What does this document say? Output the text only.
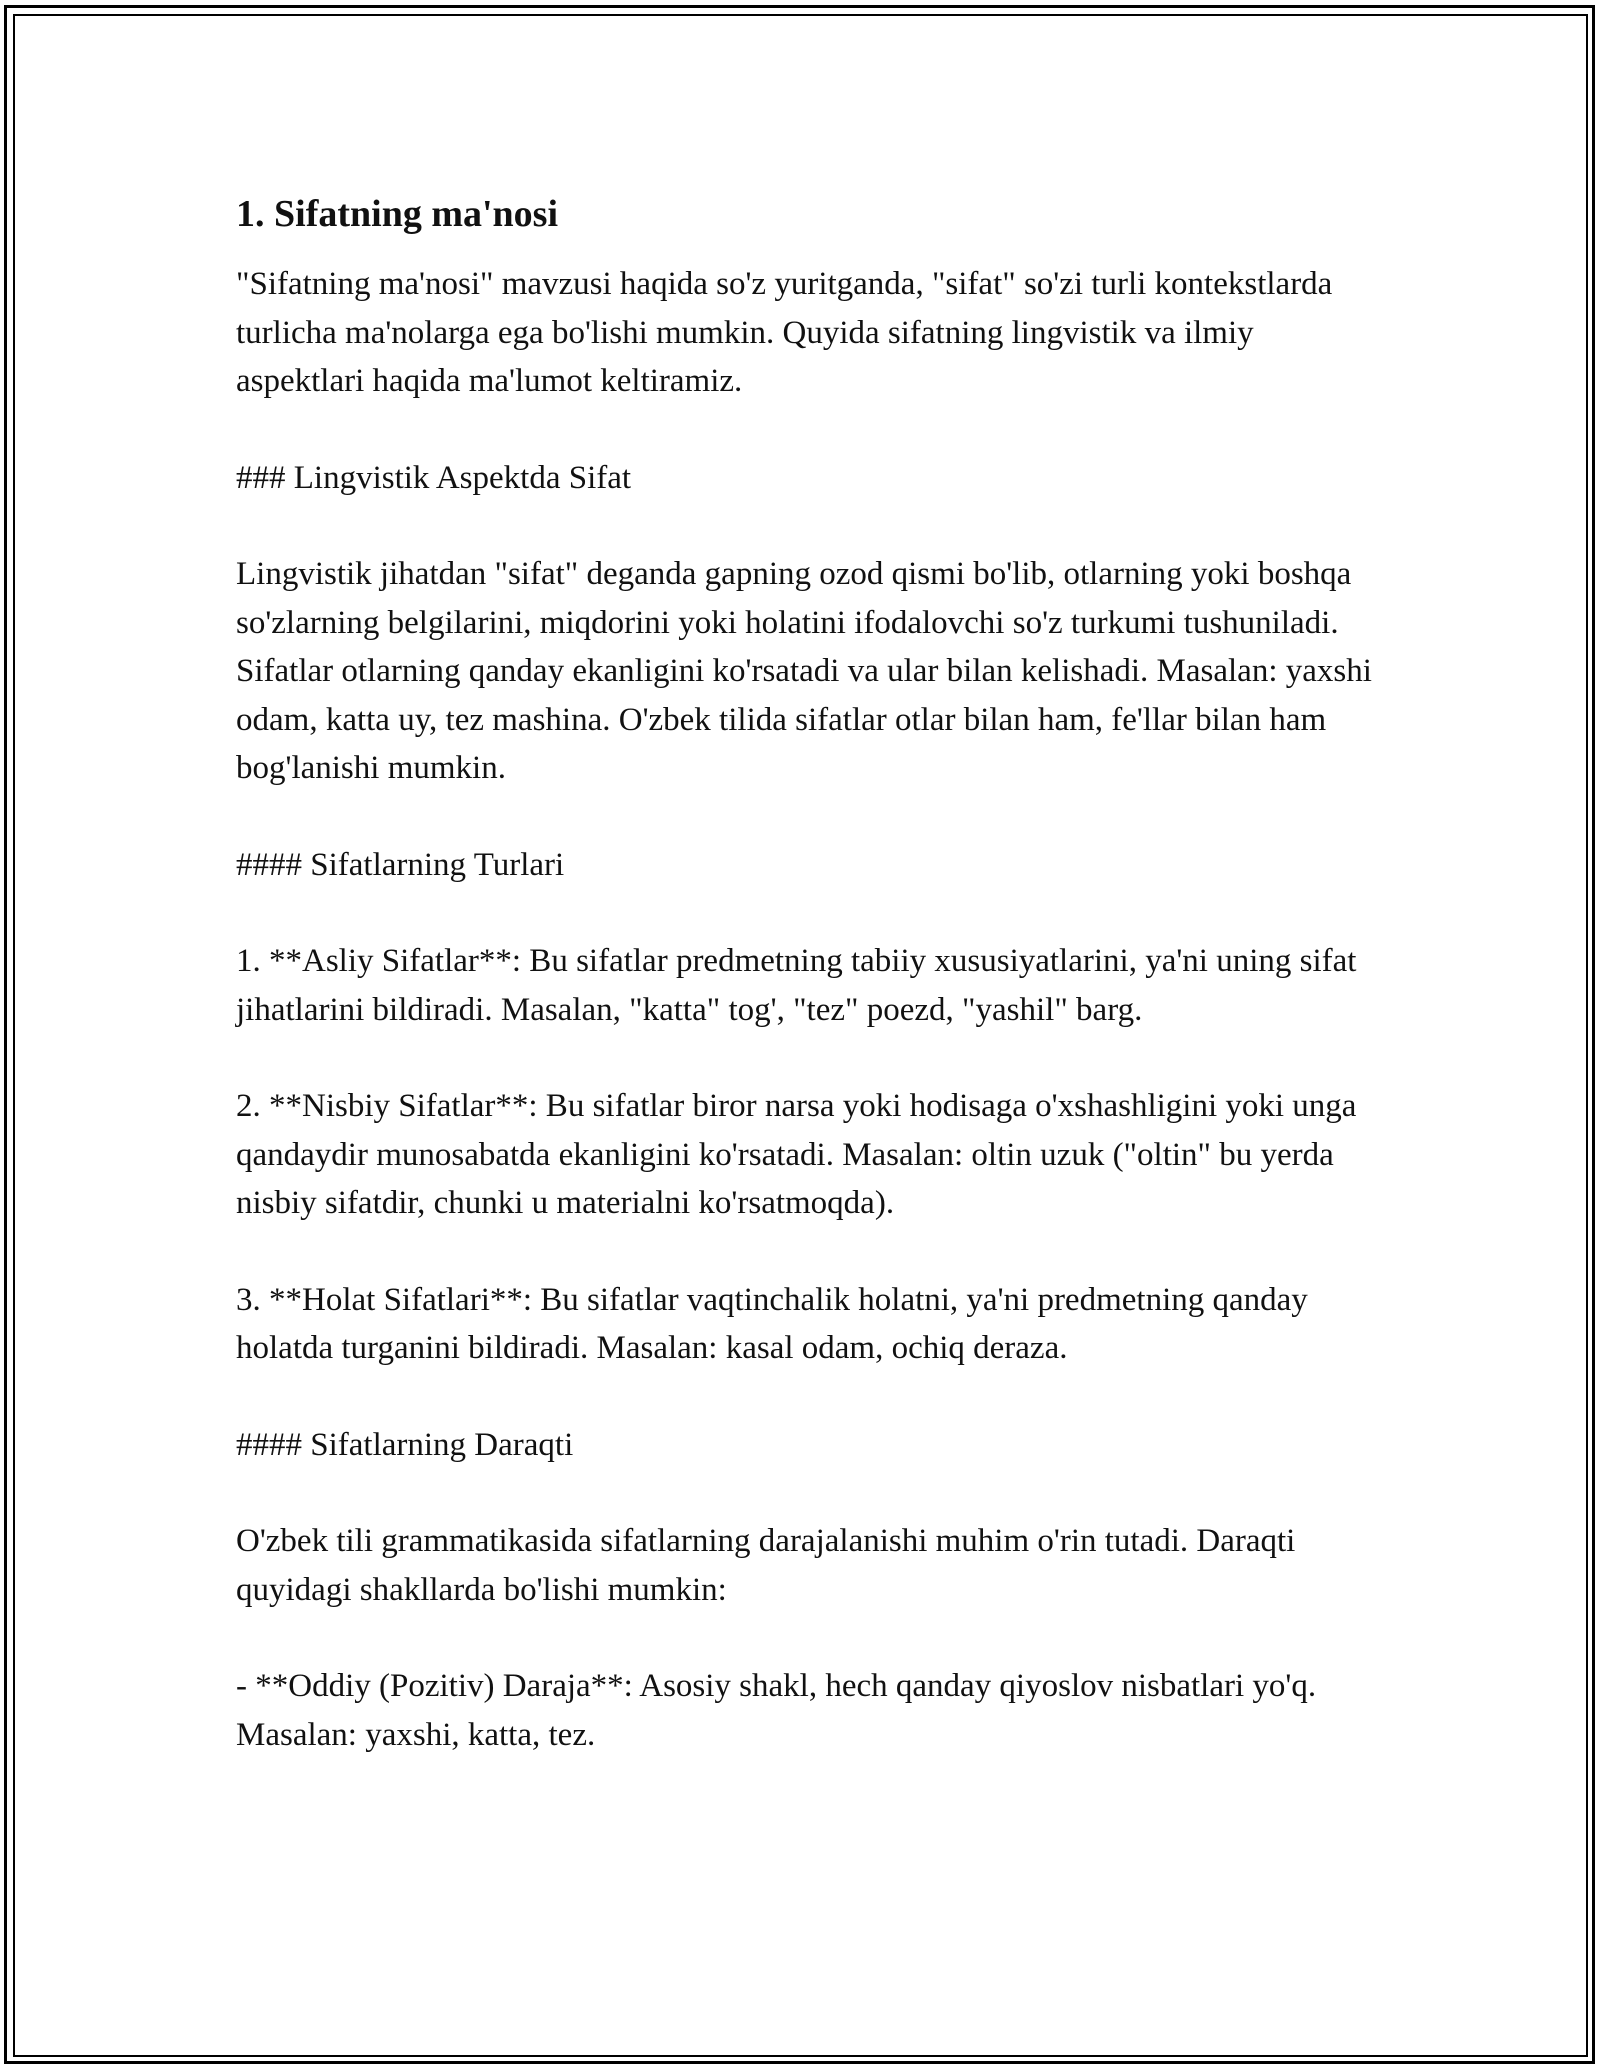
1. Sifatning ma'nosi

"Sifatning ma'nosi" mavzusi haqida so'z yuritganda, "sifat" so'zi turli kontekstlarda turlicha ma'nolarga ega bo'lishi mumkin. Quyida sifatning lingvistik va ilmiy aspektlari haqida ma'lumot keltiramiz.

### Lingvistik Aspektda Sifat

Lingvistik jihatdan "sifat" deganda gapning ozod qismi bo'lib, otlarning yoki boshqa so'zlarning belgilarini, miqdorini yoki holatini ifodalovchi so'z turkumi tushuniladi. Sifatlar otlarning qanday ekanligini ko'rsatadi va ular bilan kelishadi. Masalan: yaxshi odam, katta uy, tez mashina. O'zbek tilida sifatlar otlar bilan ham, fe'llar bilan ham bog'lanishi mumkin.

#### Sifatlarning Turlari

1. **Asliy Sifatlar**: Bu sifatlar predmetning tabiiy xususiyatlarini, ya'ni uning sifat jihatlarini bildiradi. Masalan, "katta" tog', "tez" poezd, "yashil" barg.

2. **Nisbiy Sifatlar**: Bu sifatlar biror narsa yoki hodisaga o'xshashligini yoki unga qandaydir munosabatda ekanligini ko'rsatadi. Masalan: oltin uzuk ("oltin" bu yerda nisbiy sifatdir, chunki u materialni ko'rsatmoqda).

3. **Holat Sifatlari**: Bu sifatlar vaqtinchalik holatni, ya'ni predmetning qanday holatda turganini bildiradi. Masalan: kasal odam, ochiq deraza.

#### Sifatlarning Daraqti

O'zbek tili grammatikasida sifatlarning darajalanishi muhim o'rin tutadi. Daraqti quyidagi shakllarda bo'lishi mumkin:

- **Oddiy (Pozitiv) Daraja**: Asosiy shakl, hech qanday qiyoslov nisbatlari yo'q. Masalan: yaxshi, katta, tez.
